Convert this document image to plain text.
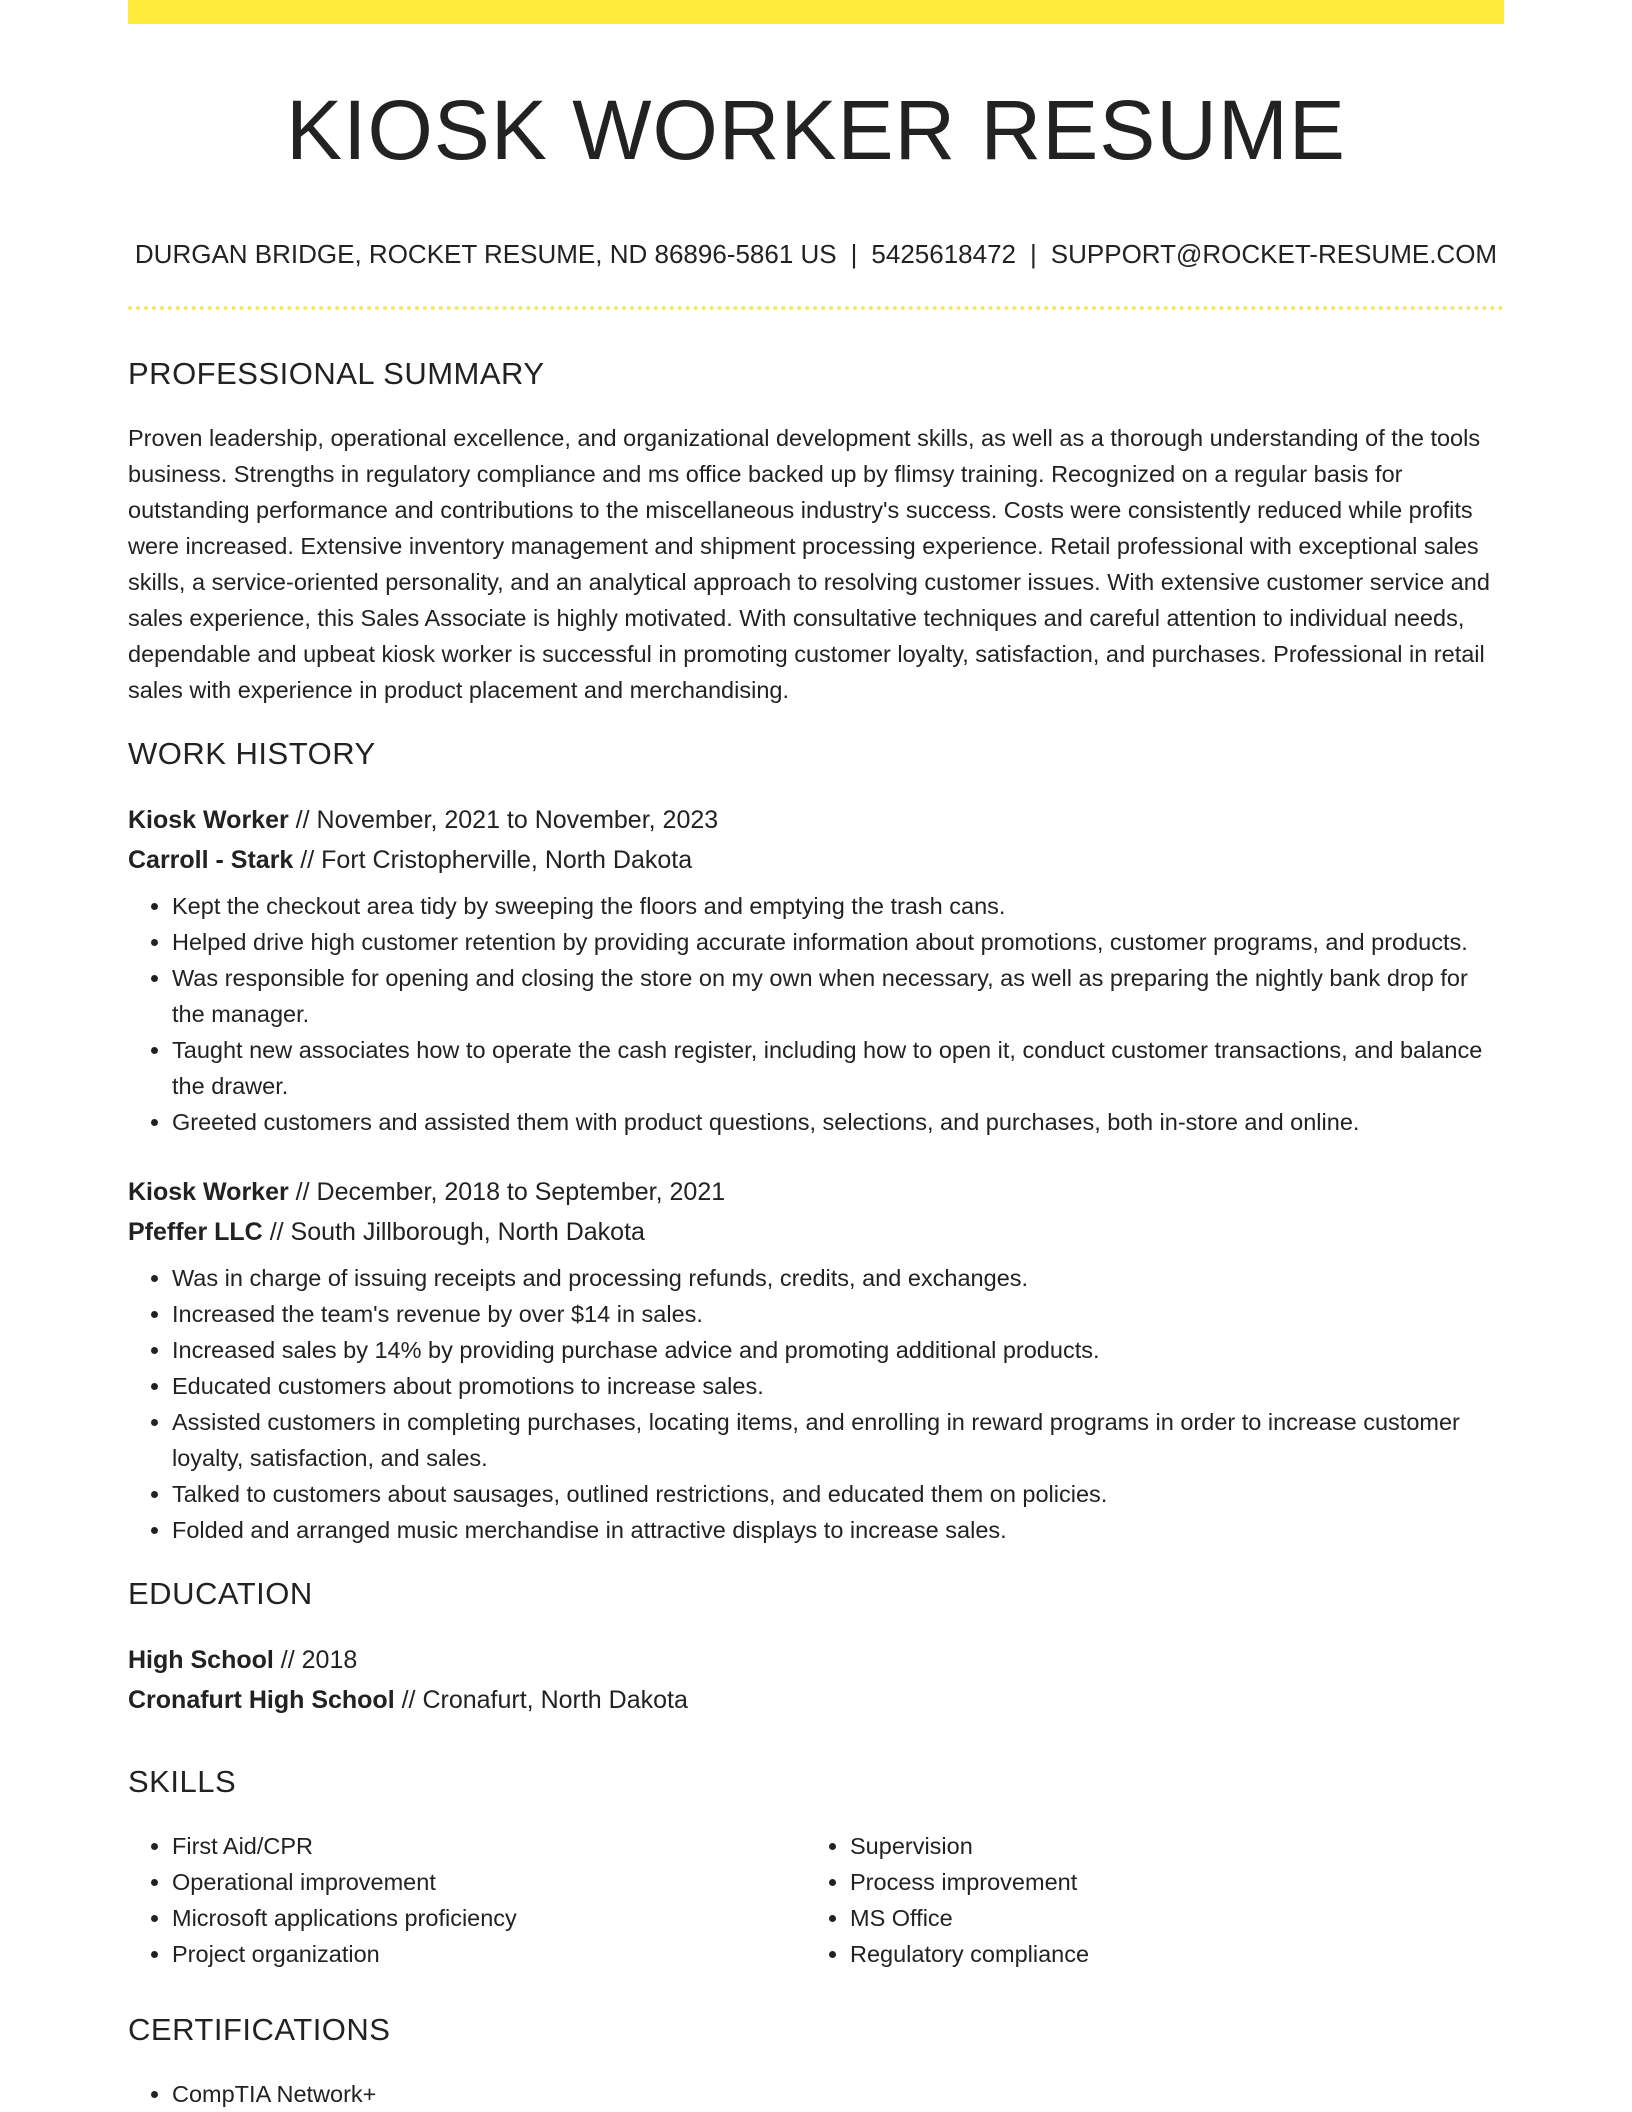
KIOSK WORKER RESUME
DURGAN BRIDGE, ROCKET RESUME, ND 86896-5861 US | 5425618472 | SUPPORT@ROCKET-RESUME.COM
PROFESSIONAL SUMMARY

Proven leadership, operational excellence, and organizational development skills, as well as a thorough understanding of the tools business. Strengths in regulatory compliance and ms office backed up by flimsy training. Recognized on a regular basis for outstanding performance and contributions to the miscellaneous industry's success. Costs were consistently reduced while profits were increased. Extensive inventory management and shipment processing experience. Retail professional with exceptional sales skills, a service-oriented personality, and an analytical approach to resolving customer issues. With extensive customer service and sales experience, this Sales Associate is highly motivated. With consultative techniques and careful attention to individual needs, dependable and upbeat kiosk worker is successful in promoting customer loyalty, satisfaction, and purchases. Professional in retail sales with experience in product placement and merchandising.

WORK HISTORY
Kiosk Worker // November, 2021 to November, 2023
Carroll - Stark // Fort Cristopherville, North Dakota
• Kept the checkout area tidy by sweeping the floors and emptying the trash cans.
• Helped drive high customer retention by providing accurate information about promotions, customer programs, and products.
• Was responsible for opening and closing the store on my own when necessary, as well as preparing the nightly bank drop for the manager.
• Taught new associates how to operate the cash register, including how to open it, conduct customer transactions, and balance the drawer.
• Greeted customers and assisted them with product questions, selections, and purchases, both in-store and online.
Kiosk Worker // December, 2018 to September, 2021
Pfeffer LLC // South Jillborough, North Dakota
• Was in charge of issuing receipts and processing refunds, credits, and exchanges.
• Increased the team's revenue by over $14 in sales.
• Increased sales by 14% by providing purchase advice and promoting additional products.
• Educated customers about promotions to increase sales.
• Assisted customers in completing purchases, locating items, and enrolling in reward programs in order to increase customer loyalty, satisfaction, and sales.
• Talked to customers about sausages, outlined restrictions, and educated them on policies.
• Folded and arranged music merchandise in attractive displays to increase sales.
EDUCATION
High School // 2018
Cronafurt High School // Cronafurt, North Dakota
SKILLS
• First Aid/CPR
• Operational improvement
• Microsoft applications proficiency
• Project organization
• Supervision
• Process improvement
• MS Office
• Regulatory compliance
CERTIFICATIONS
• CompTIA Network+
